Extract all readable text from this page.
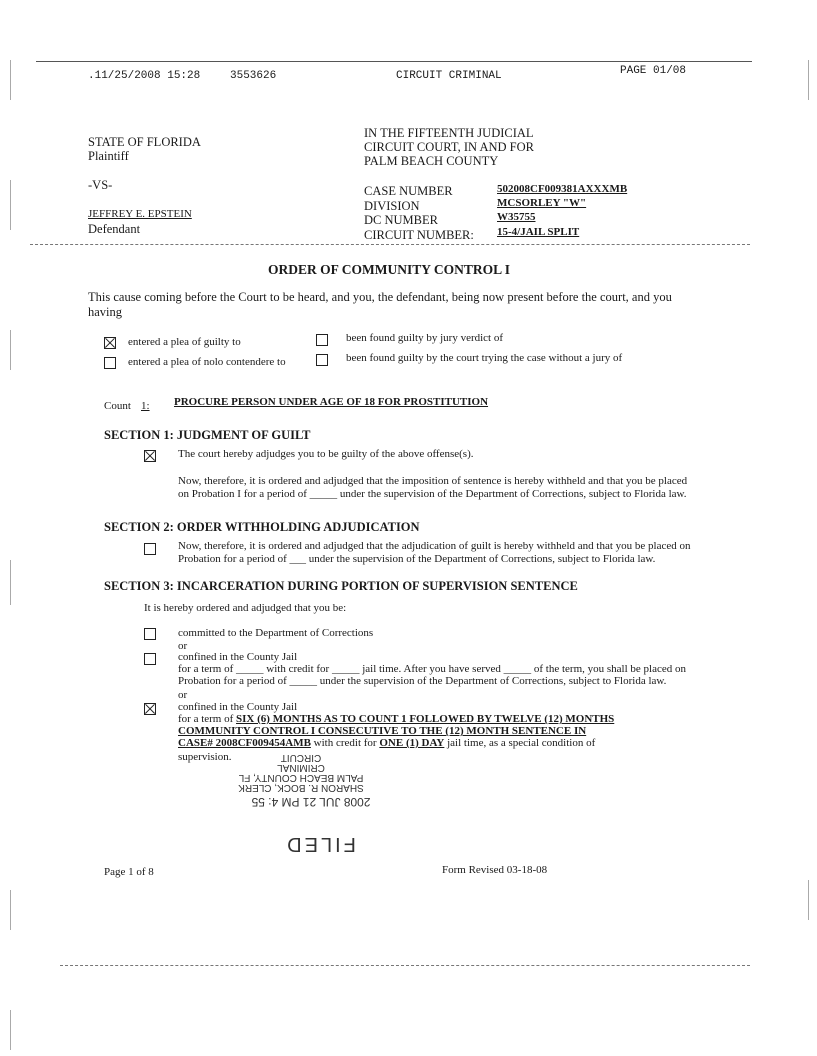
.11/25/2008 15:28	3553626	CIRCUIT CRIMINAL	PAGE 01/08
STATE OF FLORIDA
Plaintiff
-VS-
JEFFREY E. EPSTEIN
Defendant
IN THE FIFTEENTH JUDICIAL
CIRCUIT COURT, IN AND FOR
PALM BEACH COUNTY
CASE NUMBER	502008CF009381AXXXMB
DIVISION	MCSORLEY "W"
DC NUMBER	W35755
CIRCUIT NUMBER: 15-4/JAIL SPLIT
ORDER OF COMMUNITY CONTROL I
This cause coming before the Court to be heard, and you, the defendant, being now present before the court, and you
having
entered a plea of guilty to
entered a plea of nolo contendere to
been found guilty by jury verdict of
been found guilty by the court trying the case without a jury of
Count 1: PROCURE PERSON UNDER AGE OF 18 FOR PROSTITUTION
SECTION 1: JUDGMENT OF GUILT
The court hereby adjudges you to be guilty of the above offense(s).
Now, therefore, it is ordered and adjudged that the imposition of sentence is hereby withheld and that you be placed
on Probation I for a period of _____ under the supervision of the Department of Corrections, subject to Florida law.
SECTION 2: ORDER WITHHOLDING ADJUDICATION
Now, therefore, it is ordered and adjudged that the adjudication of guilt is hereby withheld and that you be placed on
Probation for a period of ___ under the supervision of the Department of Corrections, subject to Florida law.
SECTION 3: INCARCERATION DURING PORTION OF SUPERVISION SENTENCE
It is hereby ordered and adjudged that you be:
committed to the Department of Corrections
or
confined in the County Jail
for a term of _____ with credit for _____ jail time. After you have served _____ of the term, you shall be placed on
Probation for a period of _____ under the supervision of the Department of Corrections, subject to Florida law.
or
confined in the County Jail
for a term of SIX (6) MONTHS AS TO COUNT 1 FOLLOWED BY TWELVE (12) MONTHS
COMMUNITY CONTROL I CONSECUTIVE TO THE (12) MONTH SENTENCE IN
CASE# 2008CF009454AMB with credit for ONE (1) DAY jail time, as a special condition of
supervision.
SHARON R. BOCK, CLERK
PALM BEACH COUNTY, FL
CRIMINAL
CIRCUIT
2008 JUL 21 PM 4: 55
FILED
Page 1 of 8	Form Revised 03-18-08
